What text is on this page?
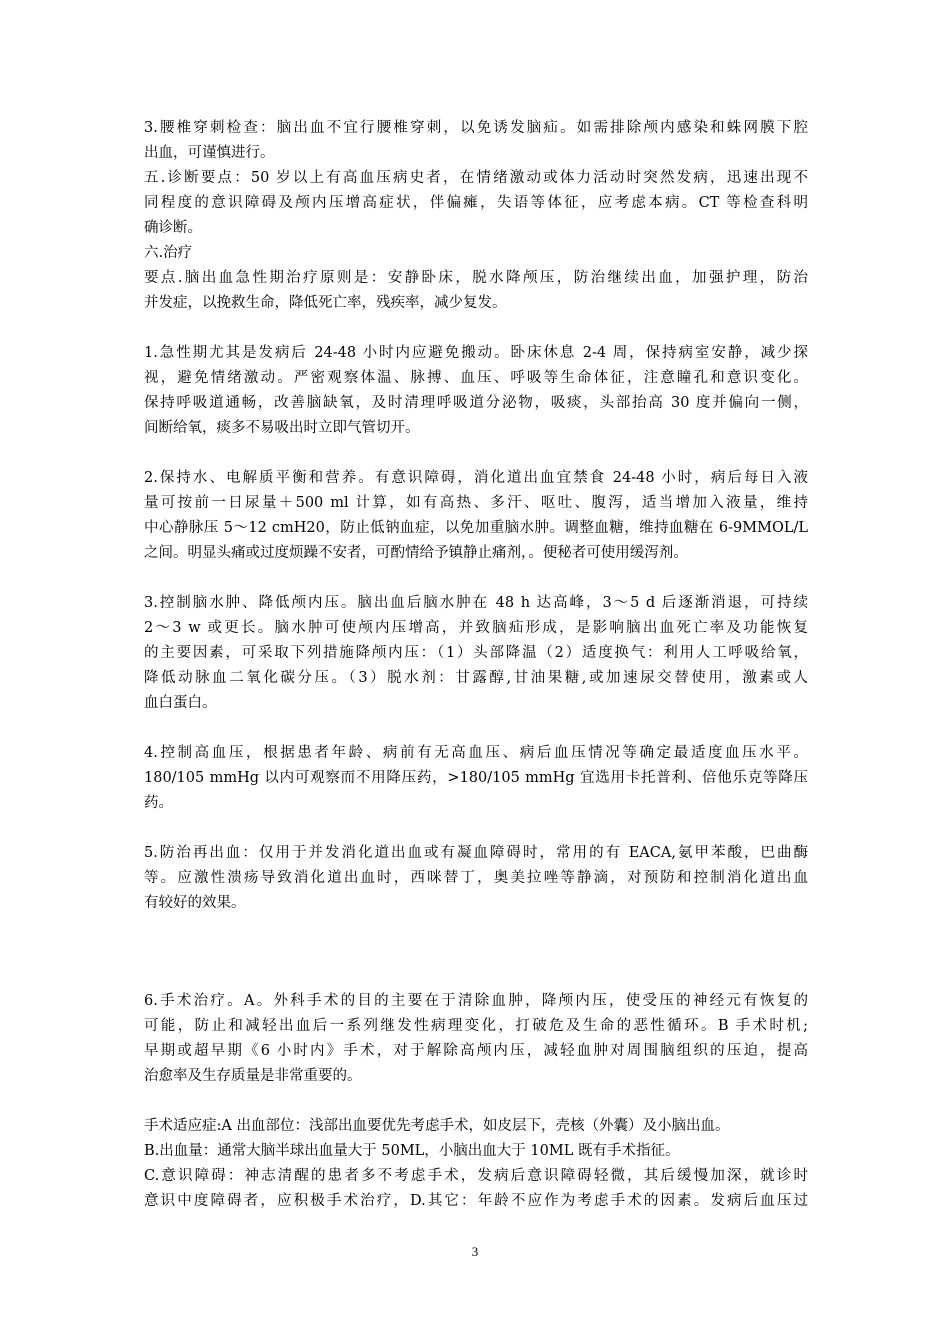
3.腰椎穿刺检查：脑出血不宜行腰椎穿刺，以免诱发脑疝。如需排除颅内感染和蛛网膜下腔
出血，可谨慎进行。
五.诊断要点：50 岁以上有高血压病史者，在情绪激动或体力活动时突然发病，迅速出现不
同程度的意识障碍及颅内压增高症状，伴偏瘫，失语等体征，应考虑本病。CT 等检查科明
确诊断。
六.治疗
要点.脑出血急性期治疗原则是：安静卧床，脱水降颅压，防治继续出血，加强护理，防治
并发症，以挽救生命，降低死亡率，残疾率，减少复发。
1.急性期尤其是发病后 24-48 小时内应避免搬动。卧床休息 2-4 周，保持病室安静，减少探
视，避免情绪激动。严密观察体温、脉搏、血压、呼吸等生命体征，注意瞳孔和意识变化。
保持呼吸道通畅，改善脑缺氧，及时清理呼吸道分泌物，吸痰，头部抬高 30 度并偏向一侧，
间断给氧，痰多不易吸出时立即气管切开。
2.保持水、电解质平衡和营养。有意识障碍，消化道出血宜禁食 24-48 小时，病后每日入液
量可按前一日尿量＋500 ml 计算，如有高热、多汗、呕吐、腹泻，适当增加入液量，维持
中心静脉压 5～12 cmH20，防止低钠血症，以免加重脑水肿。调整血糖，维持血糖在 6-9MMOL/L
之间。明显头痛或过度烦躁不安者，可酌情给予镇静止痛剂，。便秘者可使用缓泻剂。
3.控制脑水肿、降低颅内压。脑出血后脑水肿在 48 h 达高峰，3～5 d 后逐渐消退，可持续
2～3 w 或更长。脑水肿可使颅内压增高，并致脑疝形成，是影响脑出血死亡率及功能恢复
的主要因素，可采取下列措施降颅内压：（1）头部降温（2）适度换气：利用人工呼吸给氧，
降低动脉血二氧化碳分压。（3）脱水剂：甘露醇,甘油果糖,或加速尿交替使用，激素或人
血白蛋白。
4.控制高血压，根据患者年龄、病前有无高血压、病后血压情况等确定最适度血压水平。
180/105 mmHg 以内可观察而不用降压药，>180/105 mmHg 宜选用卡托普利、倍他乐克等降压
药。
5.防治再出血：仅用于并发消化道出血或有凝血障碍时，常用的有 EACA,氨甲苯酸，巴曲酶
等。应激性溃疡导致消化道出血时，西咪替丁，奥美拉唑等静滴，对预防和控制消化道出血
有较好的效果。
6.手术治疗。A。外科手术的目的主要在于清除血肿，降颅内压，使受压的神经元有恢复的
可能，防止和减轻出血后一系列继发性病理变化，打破危及生命的恶性循环。B 手术时机;
早期或超早期《6 小时内》手术，对于解除高颅内压，减轻血肿对周围脑组织的压迫，提高
治愈率及生存质量是非常重要的。
手术适应症:A 出血部位：浅部出血要优先考虑手术，如皮层下，壳核（外囊）及小脑出血。
B.出血量：通常大脑半球出血量大于 50ML，小脑出血大于 10ML 既有手术指征。
C.意识障碍：神志清醒的患者多不考虑手术，发病后意识障碍轻微，其后缓慢加深，就诊时
意识中度障碍者，应积极手术治疗，D.其它：年龄不应作为考虑手术的因素。发病后血压过
3
